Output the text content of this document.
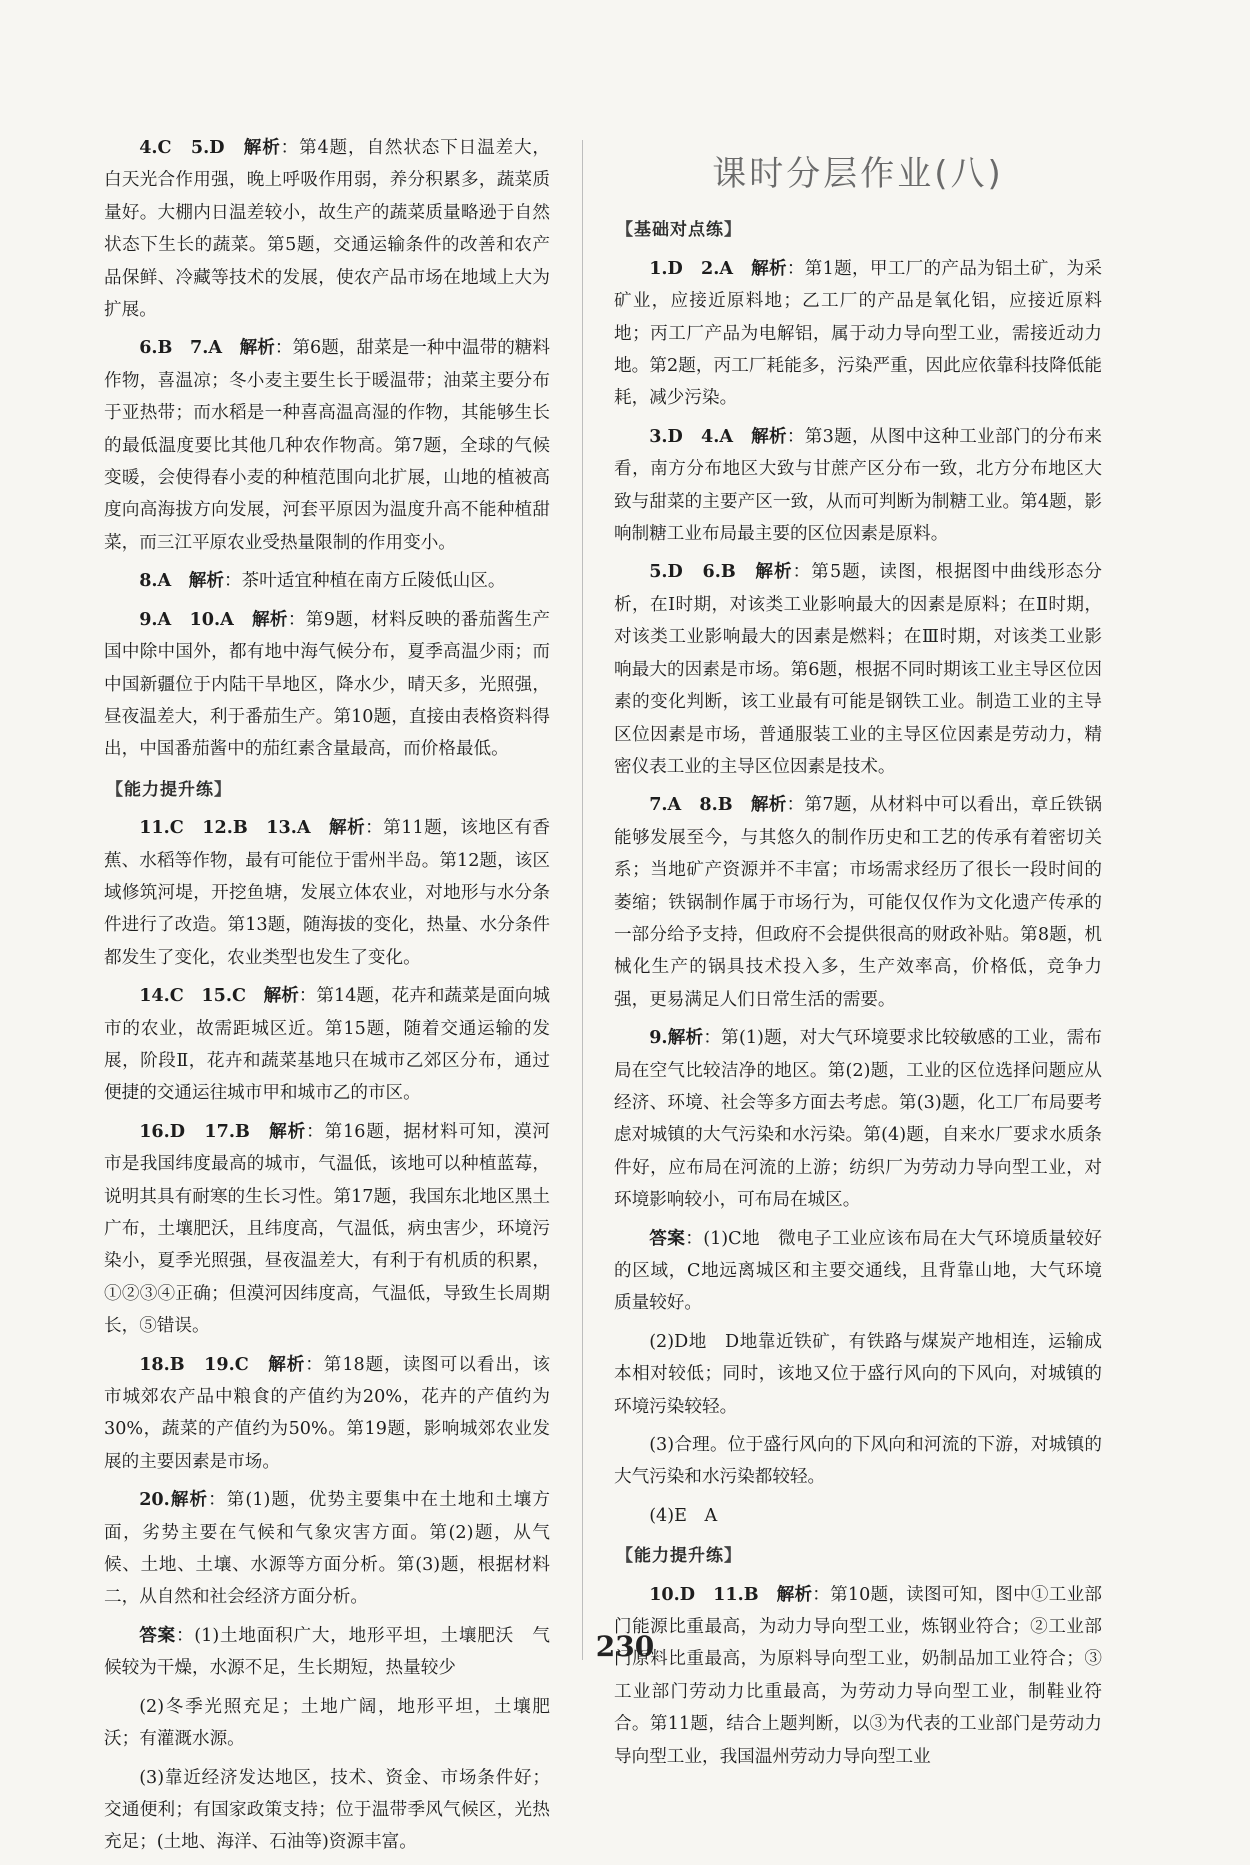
4.C　5.D　解析：第4题，自然状态下日温差大，白天光合作用强，晚上呼吸作用弱，养分积累多，蔬菜质量好。大棚内日温差较小，故生产的蔬菜质量略逊于自然状态下生长的蔬菜。第5题，交通运输条件的改善和农产品保鲜、冷藏等技术的发展，使农产品市场在地域上大为扩展。

6.B　7.A　解析：第6题，甜菜是一种中温带的糖料作物，喜温凉；冬小麦主要生长于暖温带；油菜主要分布于亚热带；而水稻是一种喜高温高湿的作物，其能够生长的最低温度要比其他几种农作物高。第7题，全球的气候变暖，会使得春小麦的种植范围向北扩展，山地的植被高度向高海拔方向发展，河套平原因为温度升高不能种植甜菜，而三江平原农业受热量限制的作用变小。

8.A　解析：茶叶适宜种植在南方丘陵低山区。

9.A　10.A　解析：第9题，材料反映的番茄酱生产国中除中国外，都有地中海气候分布，夏季高温少雨；而中国新疆位于内陆干旱地区，降水少，晴天多，光照强，昼夜温差大，利于番茄生产。第10题，直接由表格资料得出，中国番茄酱中的茄红素含量最高，而价格最低。

【能力提升练】

11.C　12.B　13.A　解析：第11题，该地区有香蕉、水稻等作物，最有可能位于雷州半岛。第12题，该区域修筑河堤，开挖鱼塘，发展立体农业，对地形与水分条件进行了改造。第13题，随海拔的变化，热量、水分条件都发生了变化，农业类型也发生了变化。

14.C　15.C　解析：第14题，花卉和蔬菜是面向城市的农业，故需距城区近。第15题，随着交通运输的发展，阶段Ⅱ，花卉和蔬菜基地只在城市乙郊区分布，通过便捷的交通运往城市甲和城市乙的市区。

16.D　17.B　解析：第16题，据材料可知，漠河市是我国纬度最高的城市，气温低，该地可以种植蓝莓，说明其具有耐寒的生长习性。第17题，我国东北地区黑土广布，土壤肥沃，且纬度高，气温低，病虫害少，环境污染小，夏季光照强，昼夜温差大，有利于有机质的积累，①②③④正确；但漠河因纬度高，气温低，导致生长周期长，⑤错误。

18.B　19.C　解析：第18题，读图可以看出，该市城郊农产品中粮食的产值约为20%，花卉的产值约为30%，蔬菜的产值约为50%。第19题，影响城郊农业发展的主要因素是市场。

20.解析：第(1)题，优势主要集中在土地和土壤方面，劣势主要在气候和气象灾害方面。第(2)题，从气候、土地、土壤、水源等方面分析。第(3)题，根据材料二，从自然和社会经济方面分析。

答案：(1)土地面积广大，地形平坦，土壤肥沃　气候较为干燥，水源不足，生长期短，热量较少

(2)冬季光照充足；土地广阔，地形平坦，土壤肥沃；有灌溉水源。

(3)靠近经济发达地区，技术、资金、市场条件好；交通便利；有国家政策支持；位于温带季风气候区，光热充足；(土地、海洋、石油等)资源丰富。

课时分层作业(八)
【基础对点练】

1.D　2.A　解析：第1题，甲工厂的产品为铝土矿，为采矿业，应接近原料地；乙工厂的产品是氧化铝，应接近原料地；丙工厂产品为电解铝，属于动力导向型工业，需接近动力地。第2题，丙工厂耗能多，污染严重，因此应依靠科技降低能耗，减少污染。

3.D　4.A　解析：第3题，从图中这种工业部门的分布来看，南方分布地区大致与甘蔗产区分布一致，北方分布地区大致与甜菜的主要产区一致，从而可判断为制糖工业。第4题，影响制糖工业布局最主要的区位因素是原料。

5.D　6.B　解析：第5题，读图，根据图中曲线形态分析，在Ⅰ时期，对该类工业影响最大的因素是原料；在Ⅱ时期，对该类工业影响最大的因素是燃料；在Ⅲ时期，对该类工业影响最大的因素是市场。第6题，根据不同时期该工业主导区位因素的变化判断，该工业最有可能是钢铁工业。制造工业的主导区位因素是市场，普通服装工业的主导区位因素是劳动力，精密仪表工业的主导区位因素是技术。

7.A　8.B　解析：第7题，从材料中可以看出，章丘铁锅能够发展至今，与其悠久的制作历史和工艺的传承有着密切关系；当地矿产资源并不丰富；市场需求经历了很长一段时间的萎缩；铁锅制作属于市场行为，可能仅仅作为文化遗产传承的一部分给予支持，但政府不会提供很高的财政补贴。第8题，机械化生产的锅具技术投入多，生产效率高，价格低，竞争力强，更易满足人们日常生活的需要。

9.解析：第(1)题，对大气环境要求比较敏感的工业，需布局在空气比较洁净的地区。第(2)题，工业的区位选择问题应从经济、环境、社会等多方面去考虑。第(3)题，化工厂布局要考虑对城镇的大气污染和水污染。第(4)题，自来水厂要求水质条件好，应布局在河流的上游；纺织厂为劳动力导向型工业，对环境影响较小，可布局在城区。

答案：(1)C地　微电子工业应该布局在大气环境质量较好的区域，C地远离城区和主要交通线，且背靠山地，大气环境质量较好。

(2)D地　D地靠近铁矿，有铁路与煤炭产地相连，运输成本相对较低；同时，该地又位于盛行风向的下风向，对城镇的环境污染较轻。

(3)合理。位于盛行风向的下风向和河流的下游，对城镇的大气污染和水污染都较轻。

(4)E　A

【能力提升练】

10.D　11.B　解析：第10题，读图可知，图中①工业部门能源比重最高，为动力导向型工业，炼钢业符合；②工业部门原料比重最高，为原料导向型工业，奶制品加工业符合；③工业部门劳动力比重最高，为劳动力导向型工业，制鞋业符合。第11题，结合上题判断，以③为代表的工业部门是劳动力导向型工业，我国温州劳动力导向型工业

230
